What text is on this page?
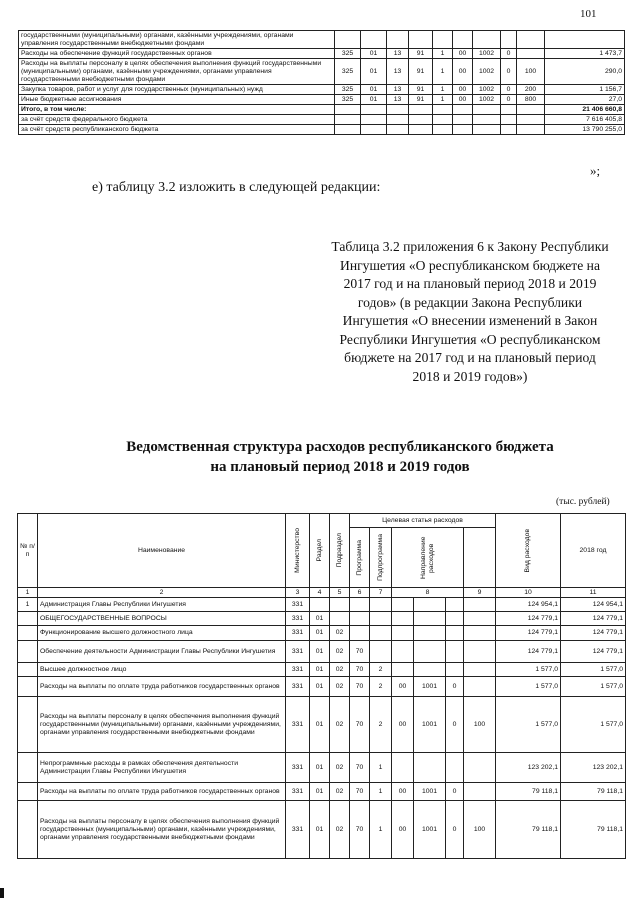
101
государственными (муниципальными) органами, казёнными учреждениями, органами управления государственными внебюджетными фондами										
Расходы на обеспечение функций государственных органов	325	01	13	91	1	00	1002	0		1 473,7
Расходы на выплаты персоналу в целях обеспечения выполнения функций государственными (муниципальными) органами, казёнными учреждениями, органами управления государственными внебюджетными фондами	325	01	13	91	1	00	1002	0	100	290,0
Закупка товаров, работ и услуг для государственных (муниципальных) нужд	325	01	13	91	1	00	1002	0	200	1 156,7
Иные бюджетные ассигнования	325	01	13	91	1	00	1002	0	800	27,0
Итого, в том числе:										21 406 660,8
за счёт средств федерального бюджета										7 616 405,8
за счёт средств республиканского бюджета										13 790 255,0
»;
е) таблицу 3.2 изложить в следующей редакции:
Таблица 3.2 приложения 6 к Закону Республики Ингушетия «О республиканском бюджете на 2017 год и на плановый период 2018 и 2019 годов» (в редакции Закона Республики Ингушетия «О внесении изменений в Закон Республики Ингушетия «О республиканском бюджете на 2017 год и на плановый период 2018 и 2019 годов»)
Ведомственная структура расходов республиканского бюджета
на плановый период 2018 и 2019 годов
(тыс. рублей)
№ п/п	Наименование	Министерство	Раздел	Подраздел	Целевая статья расходов						Вид расходов	2018 год	

					Программа	Подпрограмма	Направление расходов						

1	2	3	4	5	6	7	8			9	10	11	
1	Администрация Главы Республики Ингушетия	331									124 954,1	124 954,1	
	ОБЩЕГОСУДАРСТВЕННЫЕ ВОПРОСЫ	331	01								124 779,1	124 779,1	
	Функционирование высшего должностного лица	331	01	02							124 779,1	124 779,1	
	Обеспечение деятельности Администрации Главы Республики Ингушетия	331	01	02	70						124 779,1	124 779,1	
	Высшее должностное лицо	331	01	02	70	2					1 577,0	1 577,0	
	Расходы на выплаты по оплате труда работников государственных органов	331	01	02	70	2	00	1001	0		1 577,0	1 577,0	
	Расходы на выплаты персоналу в целях обеспечения выполнения функций государственными (муниципальными) органами, казёнными учреждениями, органами управления государственными внебюджетными фондами	331	01	02	70	2	00	1001	0	100	1 577,0	1 577,0	
	Непрограммные расходы в рамках обеспечения деятельности Администрации Главы Республики Ингушетия	331	01	02	70	1					123 202,1	123 202,1	
	Расходы на выплаты по оплате труда работников государственных органов	331	01	02	70	1	00	1001	0		79 118,1	79 118,1	
	Расходы на выплаты персоналу в целях обеспечения выполнения функций государственных (муниципальными) органами, казёнными учреждениями, органами управления государственными внебюджетными фондами	331	01	02	70	1	00	1001	0	100	79 118,1	79 118,1	
